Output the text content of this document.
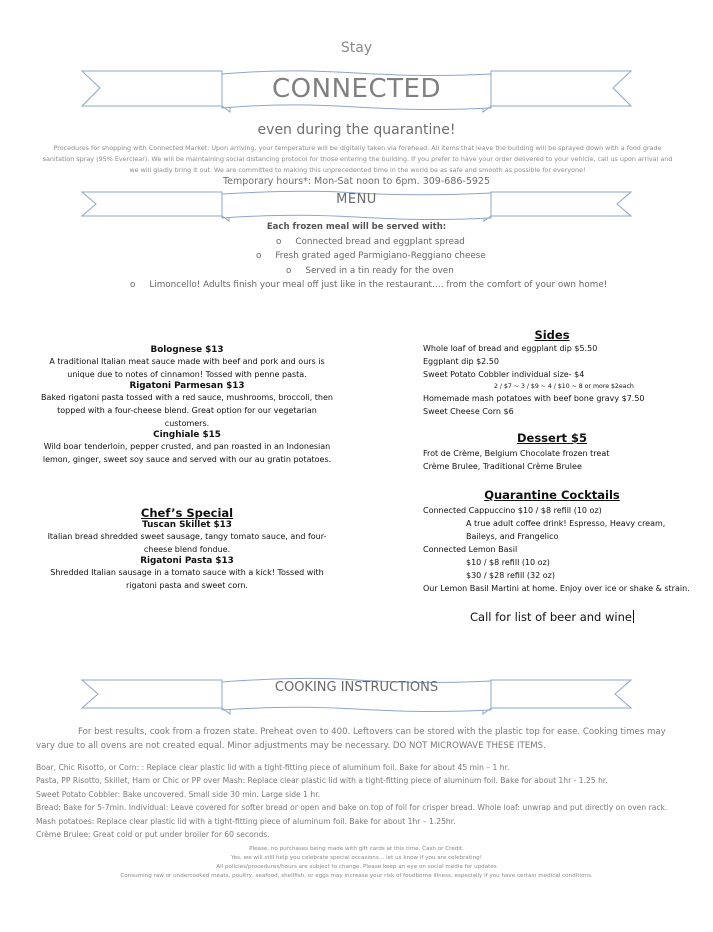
Stay
CONNECTED
even during the quarantine!
Procedures for shopping with Connected Market: Upon arriving, your temperature will be digitally taken via forehead. All items that leave the building will be sprayed down with a food grade sanitation spray (95% Everclear). We will be maintaining social distancing protocol for those entering the building. If you prefer to have your order delivered to your vehicle, call us upon arrival and we will gladly bring it out. We are committed to making this unprecedented time in the world be as safe and smooth as possible for everyone!
Temporary hours*: Mon-Sat noon to 6pm. 309-686-5925
MENU
Each frozen meal will be served with:
o Connected bread and eggplant spread
o Fresh grated aged Parmigiano-Reggiano cheese
o Served in a tin ready for the oven
o Limoncello! Adults finish your meal off just like in the restaurant…. from the comfort of your own home!
Bolognese $13
A traditional Italian meat sauce made with beef and pork and ours is unique due to notes of cinnamon! Tossed with penne pasta.
Rigatoni Parmesan $13
Baked rigatoni pasta tossed with a red sauce, mushrooms, broccoli, then topped with a four-cheese blend. Great option for our vegetarian customers.
Cinghiale $15
Wild boar tenderloin, pepper crusted, and pan roasted in an Indonesian lemon, ginger, sweet soy sauce and served with our au gratin potatoes.
Chef’s Special
Tuscan Skillet $13
Italian bread shredded sweet sausage, tangy tomato sauce, and four-cheese blend fondue.
Rigatoni Pasta $13
Shredded Italian sausage in a tomato sauce with a kick! Tossed with rigatoni pasta and sweet corn.
Sides
Whole loaf of bread and eggplant dip $5.50
Eggplant dip $2.50
Sweet Potato Cobbler individual size- $4
2 / $7 ~ 3 / $9 ~ 4 / $10 ~ 8 or more $2each
Homemade mash potatoes with beef bone gravy $7.50
Sweet Cheese Corn $6
Dessert $5
Frot de Crème, Belgium Chocolate frozen treat
Crème Brulee, Traditional Crème Brulee
Quarantine Cocktails
Connected Cappuccino $10 / $8 refill (10 oz)
A true adult coffee drink! Espresso, Heavy cream,
Baileys, and Frangelico
Connected Lemon Basil
$10 / $8 refill (10 oz)
$30 / $28 refill (32 oz)
Our Lemon Basil Martini at home. Enjoy over ice or shake & strain.
Call for list of beer and wine
COOKING INSTRUCTIONS
For best results, cook from a frozen state. Preheat oven to 400. Leftovers can be stored with the plastic top for ease. Cooking times may vary due to all ovens are not created equal. Minor adjustments may be necessary. DO NOT MICROWAVE THESE ITEMS.
Boar, Chic Risotto, or Corn: : Replace clear plastic lid with a tight-fitting piece of aluminum foil. Bake for about 45 min – 1 hr.
Pasta, PP Risotto, Skillet, Ham or Chic or PP over Mash: Replace clear plastic lid with a tight-fitting piece of aluminum foil. Bake for about 1hr - 1.25 hr.
Sweet Potato Cobbler: Bake uncovered. Small side 30 min. Large side 1 hr.
Bread: Bake for 5-7min. Individual: Leave covered for softer bread or open and bake on top of foil for crisper bread. Whole loaf: unwrap and put directly on oven rack.
Mash potatoes: Replace clear plastic lid with a tight-fitting piece of aluminum foil. Bake for about 1hr – 1.25hr.
Crème Brulee: Great cold or put under broiler for 60 seconds.
Please, no purchases being made with gift cards at this time. Cash or Credit.
Yes, we will still help you celebrate special occasions… let us know if you are celebrating!
All policies/procedures/hours are subject to change. Please keep an eye on social media for updates
Consuming raw or undercooked meats, poultry, seafood, shellfish, or eggs may increase your risk of foodborne illness, especially if you have certain medical conditions.
